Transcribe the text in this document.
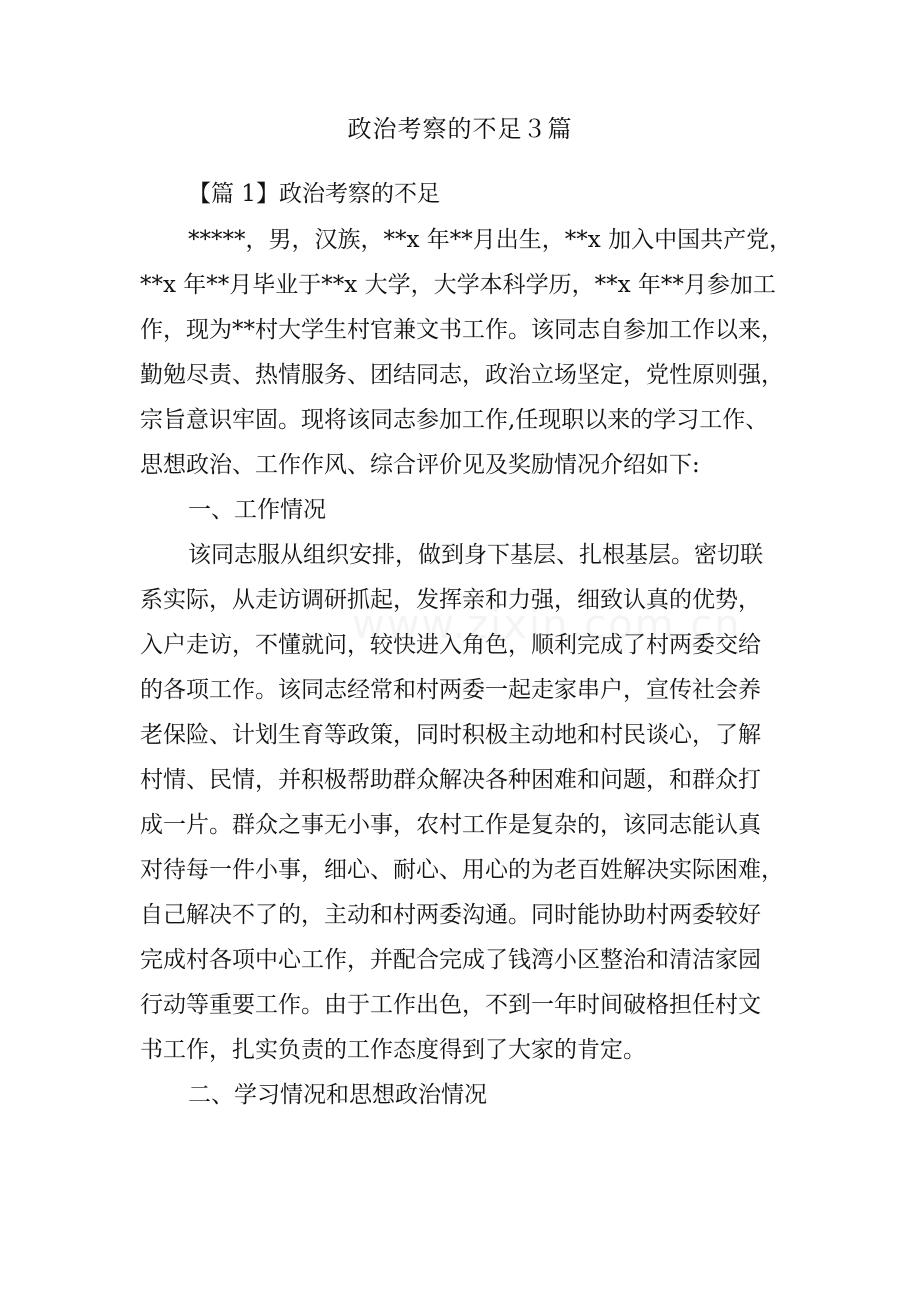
政治考察的不足３篇
【篇 1】政治考察的不足
*****，男，汉族，**x 年**月出生，**x 加入中国共产党，
**x 年**月毕业于**x 大学，大学本科学历，**x 年**月参加工
作，现为**村大学生村官兼文书工作。该同志自参加工作以来，
勤勉尽责、热情服务、团结同志，政治立场坚定，党性原则强，
宗旨意识牢固。现将该同志参加工作,任现职以来的学习工作、
思想政治、工作作风、综合评价见及奖励情况介绍如下:
一、工作情况
该同志服从组织安排，做到身下基层、扎根基层。密切联
系实际，从走访调研抓起，发挥亲和力强，细致认真的优势，
入户走访，不懂就问，较快进入角色，顺利完成了村两委交给
的各项工作。该同志经常和村两委一起走家串户，宣传社会养
老保险、计划生育等政策，同时积极主动地和村民谈心，了解
村情、民情，并积极帮助群众解决各种困难和问题，和群众打
成一片。群众之事无小事，农村工作是复杂的，该同志能认真
对待每一件小事，细心、耐心、用心的为老百姓解决实际困难，
自己解决不了的，主动和村两委沟通。同时能协助村两委较好
完成村各项中心工作，并配合完成了钱湾小区整治和清洁家园
行动等重要工作。由于工作出色，不到一年时间破格担任村文
书工作，扎实负责的工作态度得到了大家的肯定。
二、学习情况和思想政治情况
